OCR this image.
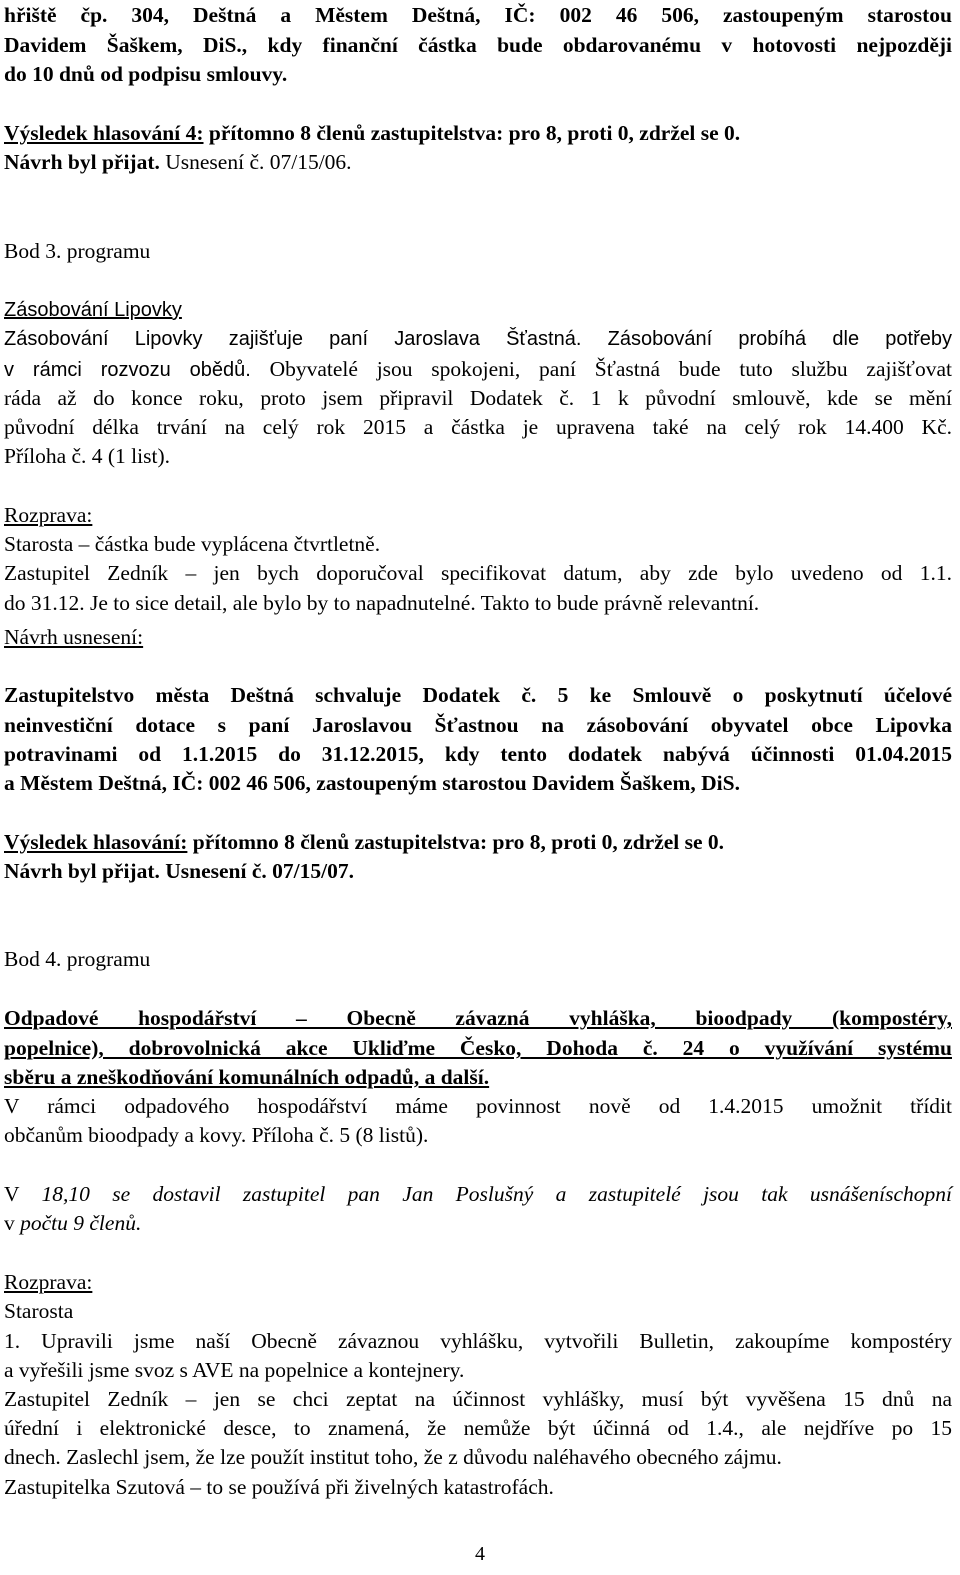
hřiště čp. 304, Deštná a Městem Deštná, IČ: 002 46 506, zastoupeným starostou
Davidem Šaškem, DiS., kdy finanční částka bude obdarovanému v hotovosti nejpozději
do 10 dnů od podpisu smlouvy.
Výsledek hlasování 4: přítomno 8 členů zastupitelstva: pro 8, proti 0, zdržel se 0.
Návrh byl přijat. Usnesení č. 07/15/06.
Bod 3. programu
Zásobování Lipovky
Zásobování Lipovky zajišťuje paní Jaroslava Šťastná. Zásobování probíhá dle potřeby
v rámci rozvozu obědů. Obyvatelé jsou spokojeni, paní Šťastná bude tuto službu zajišťovat
ráda až do konce roku, proto jsem připravil Dodatek č. 1 k původní smlouvě, kde se mění
původní délka trvání na celý rok 2015 a částka je upravena také na celý rok 14.400 Kč.
Příloha č. 4 (1 list).
Rozprava:
Starosta – částka bude vyplácena čtvrtletně.
Zastupitel Zedník – jen bych doporučoval specifikovat datum, aby zde bylo uvedeno od 1.1.
do 31.12. Je to sice detail, ale bylo by to napadnutelné. Takto to bude právně relevantní.
Návrh usnesení:
Zastupitelstvo města Deštná schvaluje Dodatek č. 5 ke Smlouvě o poskytnutí účelové
neinvestiční dotace s paní Jaroslavou Šťastnou na zásobování obyvatel obce Lipovka
potravinami od 1.1.2015 do 31.12.2015, kdy tento dodatek nabývá účinnosti 01.04.2015
a Městem Deštná, IČ: 002 46 506, zastoupeným starostou Davidem Šaškem, DiS.
Výsledek hlasování: přítomno 8 členů zastupitelstva: pro 8, proti 0, zdržel se 0.
Návrh byl přijat. Usnesení č. 07/15/07.
Bod 4. programu
Odpadové hospodářství – Obecně závazná vyhláška, bioodpady (kompostéry,
popelnice), dobrovolnická akce Ukliďme Česko, Dohoda č. 24 o využívání systému
sběru a zneškodňování komunálních odpadů, a další.
V rámci odpadového hospodářství máme povinnost nově od 1.4.2015 umožnit třídit
občanům bioodpady a kovy. Příloha č. 5 (8 listů).
V 18,10 se dostavil zastupitel pan Jan Poslušný a zastupitelé jsou tak usnášeníschopní
v počtu 9 členů.
Rozprava:
Starosta
1. Upravili jsme naší Obecně závaznou vyhlášku, vytvořili Bulletin, zakoupíme kompostéry
a vyřešili jsme svoz s AVE na popelnice a kontejnery.
Zastupitel Zedník – jen se chci zeptat na účinnost vyhlášky, musí být vyvěšena 15 dnů na
úřední i elektronické desce, to znamená, že nemůže být účinná od 1.4., ale nejdříve po 15
dnech. Zaslechl jsem, že lze použít institut toho, že z důvodu naléhavého obecného zájmu.
Zastupitelka Szutová – to se používá při živelných katastrofách.
4
